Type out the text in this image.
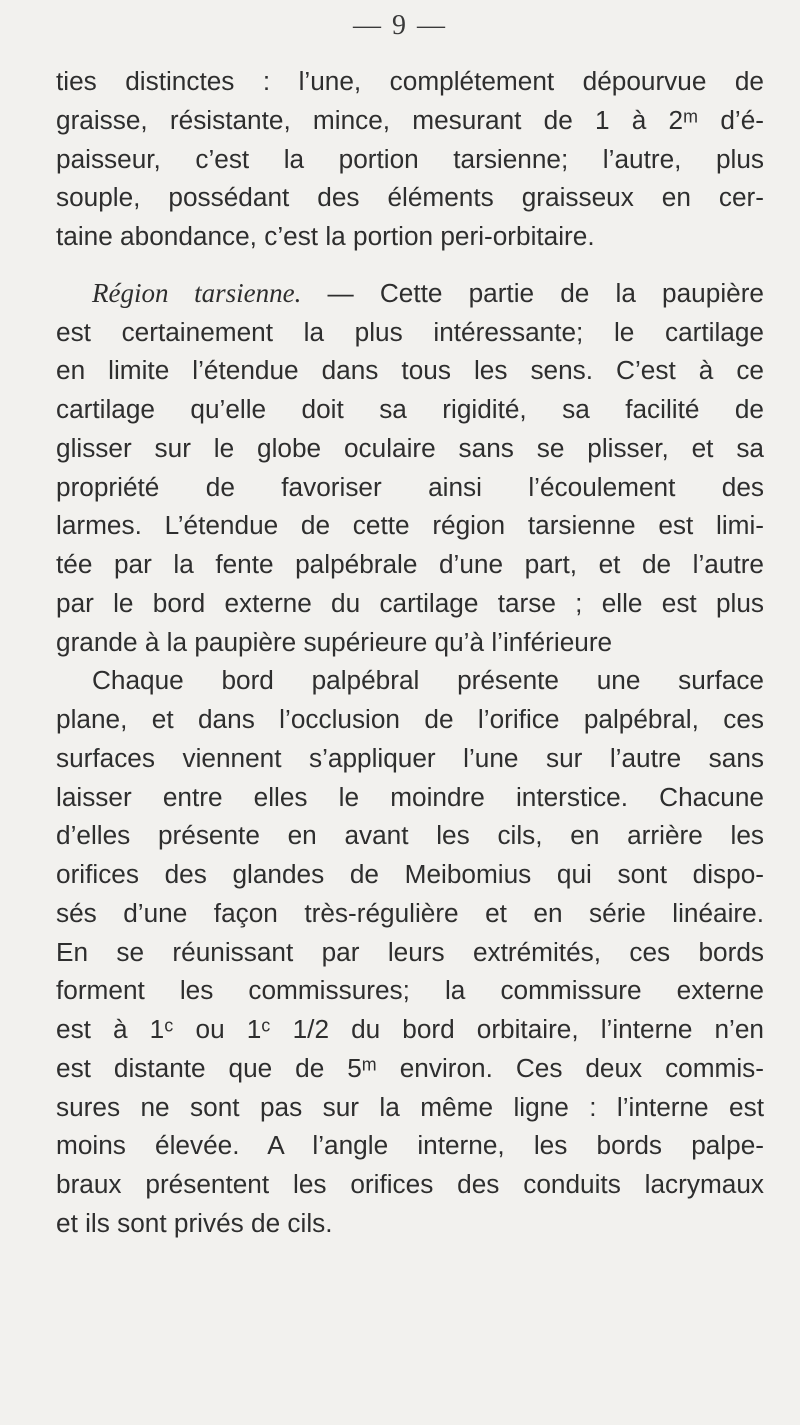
— 9 —
ties distinctes : l’une, complétement dépourvue de
graisse, résistante, mince, mesurant de 1 à 2ᵐ d’é-
paisseur, c’est la portion tarsienne; l’autre, plus
souple, possédant des éléments graisseux en cer-
taine abondance, c’est la portion peri-orbitaire.
Région tarsienne. — Cette partie de la paupière
est certainement la plus intéressante; le cartilage
en limite l’étendue dans tous les sens. C’est à ce
cartilage qu’elle doit sa rigidité, sa facilité de
glisser sur le globe oculaire sans se plisser, et sa
propriété de favoriser ainsi l’écoulement des
larmes. L’étendue de cette région tarsienne est limi-
tée par la fente palpébrale d’une part, et de l’autre
par le bord externe du cartilage tarse ; elle est plus
grande à la paupière supérieure qu’à l’inférieure
Chaque bord palpébral présente une surface
plane, et dans l’occlusion de l’orifice palpébral, ces
surfaces viennent s’appliquer l’une sur l’autre sans
laisser entre elles le moindre interstice. Chacune
d’elles présente en avant les cils, en arrière les
orifices des glandes de Meibomius qui sont dispo-
sés d’une façon très-régulière et en série linéaire.
En se réunissant par leurs extrémités, ces bords
forment les commissures; la commissure externe
est à 1ᶜ ou 1ᶜ 1/2 du bord orbitaire, l’interne n’en
est distante que de 5ᵐ environ. Ces deux commis-
sures ne sont pas sur la même ligne : l’interne est
moins élevée. A l’angle interne, les bords palpe-
braux présentent les orifices des conduits lacrymaux
et ils sont privés de cils.
